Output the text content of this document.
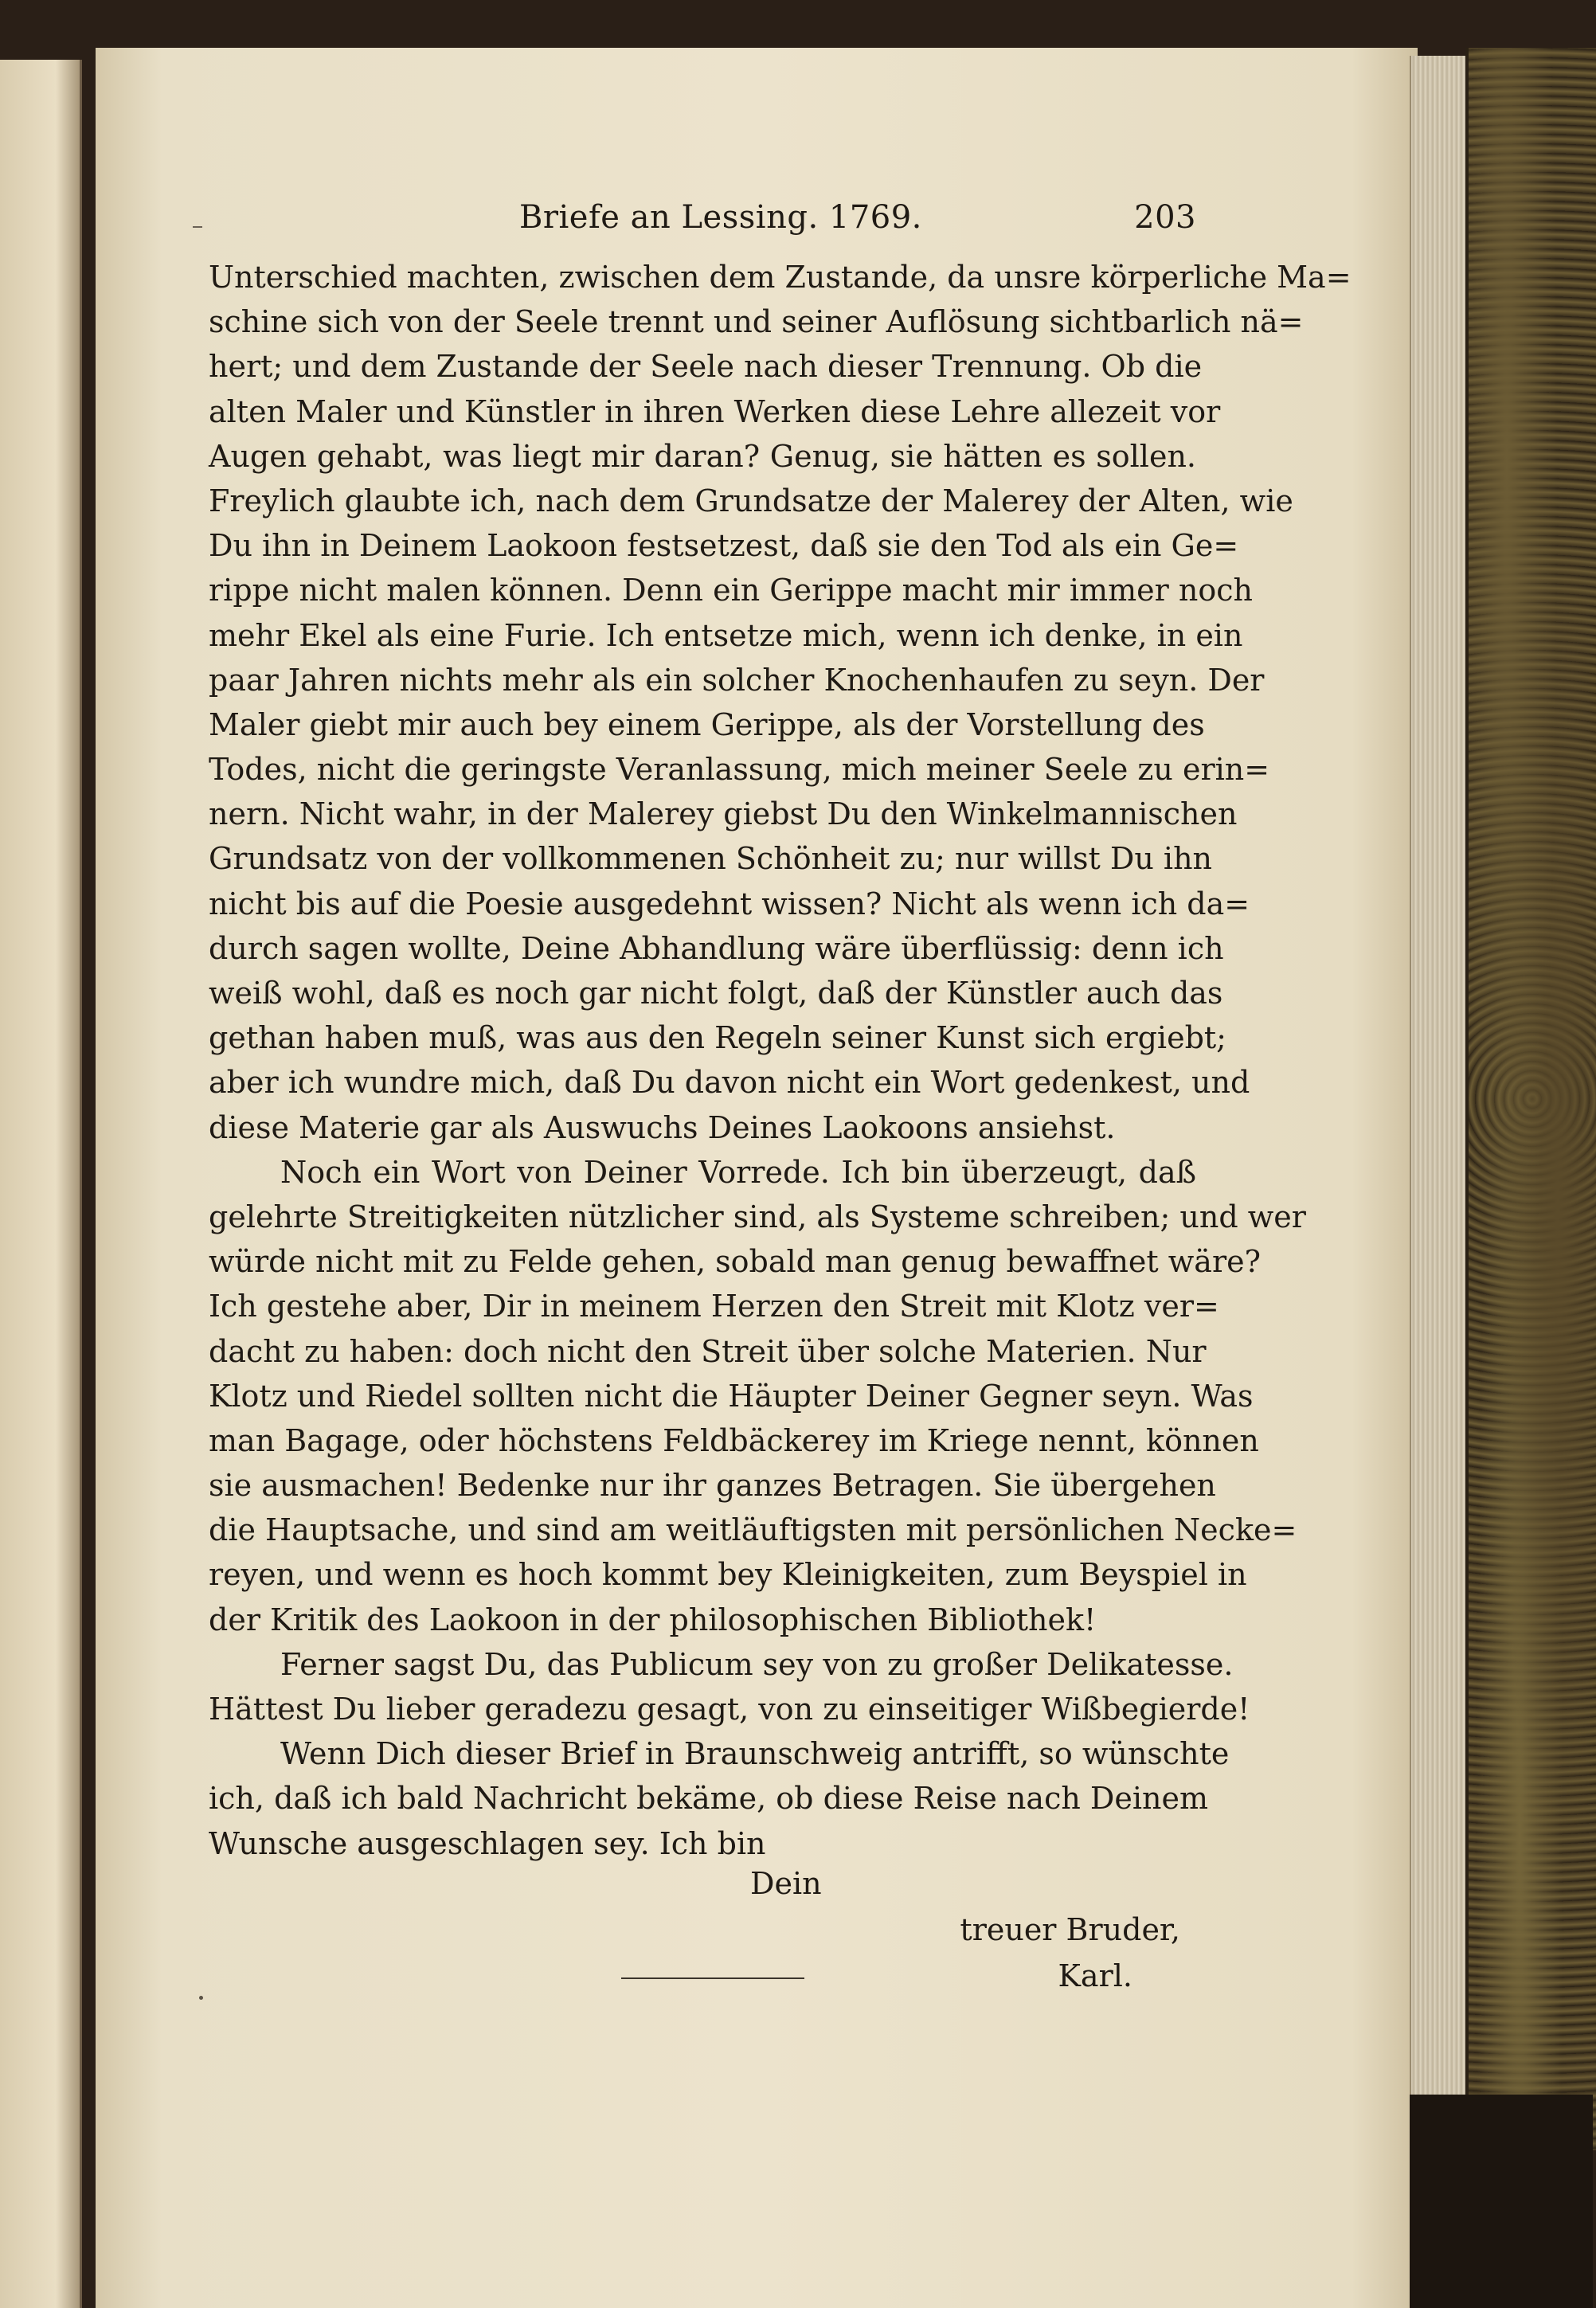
Briefe an Lessing. 1769.	203
Unterschied machten, zwischen dem Zustande, da unsre körperliche Ma=
schine sich von der Seele trennt und seiner Auflösung sichtbarlich nä=
hert; und dem Zustande der Seele nach dieser Trennung. Ob die
alten Maler und Künstler in ihren Werken diese Lehre allezeit vor
Augen gehabt, was liegt mir daran? Genug, sie hätten es sollen.
Freylich glaubte ich, nach dem Grundsatze der Malerey der Alten, wie
Du ihn in Deinem Laokoon festsetzest, daß sie den Tod als ein Ge=
rippe nicht malen können. Denn ein Gerippe macht mir immer noch
mehr Ekel als eine Furie. Ich entsetze mich, wenn ich denke, in ein
paar Jahren nichts mehr als ein solcher Knochenhaufen zu seyn. Der
Maler giebt mir auch bey einem Gerippe, als der Vorstellung des
Todes, nicht die geringste Veranlassung, mich meiner Seele zu erin=
nern. Nicht wahr, in der Malerey giebst Du den Winkelmannischen
Grundsatz von der vollkommenen Schönheit zu; nur willst Du ihn
nicht bis auf die Poesie ausgedehnt wissen? Nicht als wenn ich da=
durch sagen wollte, Deine Abhandlung wäre überflüssig: denn ich
weiß wohl, daß es noch gar nicht folgt, daß der Künstler auch das
gethan haben muß, was aus den Regeln seiner Kunst sich ergiebt;
aber ich wundre mich, daß Du davon nicht ein Wort gedenkest, und
diese Materie gar als Auswuchs Deines Laokoons ansiehst.
Noch ein Wort von Deiner Vorrede. Ich bin überzeugt, daß
gelehrte Streitigkeiten nützlicher sind, als Systeme schreiben; und wer
würde nicht mit zu Felde gehen, sobald man genug bewaffnet wäre?
Ich gestehe aber, Dir in meinem Herzen den Streit mit Klotz ver=
dacht zu haben: doch nicht den Streit über solche Materien. Nur
Klotz und Riedel sollten nicht die Häupter Deiner Gegner seyn. Was
man Bagage, oder höchstens Feldbäckerey im Kriege nennt, können
sie ausmachen! Bedenke nur ihr ganzes Betragen. Sie übergehen
die Hauptsache, und sind am weitläuftigsten mit persönlichen Necke=
reyen, und wenn es hoch kommt bey Kleinigkeiten, zum Beyspiel in
der Kritik des Laokoon in der philosophischen Bibliothek!
Ferner sagst Du, das Publicum sey von zu großer Delikatesse.
Hättest Du lieber geradezu gesagt, von zu einseitiger Wißbegierde!
Wenn Dich dieser Brief in Braunschweig antrifft, so wünschte
ich, daß ich bald Nachricht bekäme, ob diese Reise nach Deinem
Wunsche ausgeschlagen sey. Ich bin
Dein
treuer Bruder,
Karl.
